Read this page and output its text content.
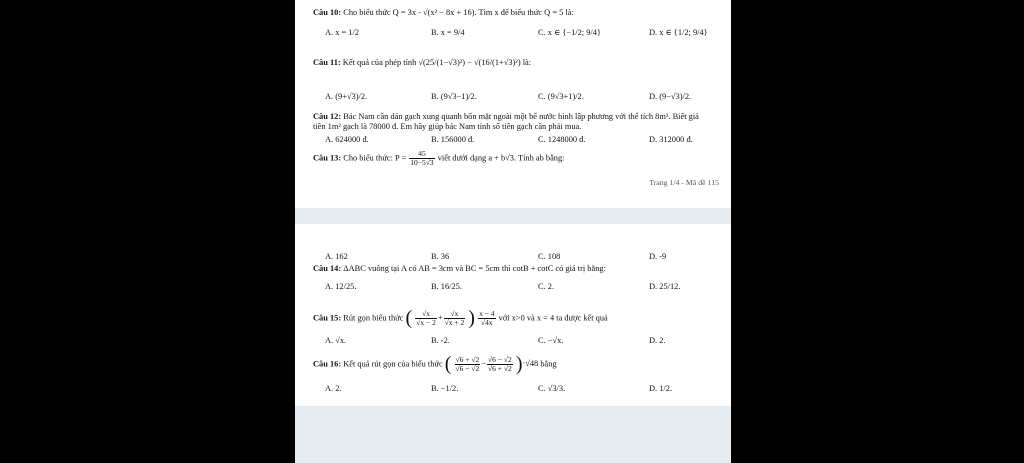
Câu 10: Cho biểu thức Q = 3x - √(x² − 8x + 16). Tìm x để biểu thức Q = 5 là:
A. x = 1/2	B. x = 9/4	C. x ∈ {−1/2; 9/4}	D. x ∈ {1/2; 9/4}
Câu 11: Kết quả của phép tính √(25/(1−√3)²) − √(16/(1+√3)²) là:
A. (9+√3)/2.	B. (9√3−1)/2.	C. (9√3+1)/2.	D. (9−√3)/2.
Câu 12: Bác Nam cần dán gạch xung quanh bốn mặt ngoài một bể nước hình lập phương với thể tích 8m³. Biết giá tiền 1m² gạch là 78000 đ. Em hãy giúp bác Nam tính số tiền gạch cần phải mua.
A. 624000 đ.	B. 156000 đ.	C. 1248000 đ.	D. 312000 đ.
Câu 13: Cho biểu thức: $P = \frac{45}{10-5√3}$ viết dưới dạng a + b√3. Tính ab bằng:
Trang 1/4 - Mã đề 115
A. 162	B. 36	C. 108	D. -9
Câu 14: ΔABC vuông tại A có AB = 3cm và BC = 5cm thì cotB + cotC có giá trị bằng:
A. 12/25.	B. 16/25.	C. 2.	D. 25/12.
Câu 15: Rút gọn biểu thức ( $\frac{√x}{√x - 2} + \frac{√x}{√x + 2}$ ) $\frac{x - 4}{√4x}$ với x>0 và x = 4 ta được kết quả
A. √x.	B. -2.	C. −√x.	D. 2.
Câu 16: Kết quả rút gọn của biểu thức ( $\frac{√6 + √2}{√6 - √2} - \frac{√6 - √2}{√6 + √2} )\cdot√48$ bằng
A. 2.	B. −1/2.	C. √3/3.	D. 1/2.
